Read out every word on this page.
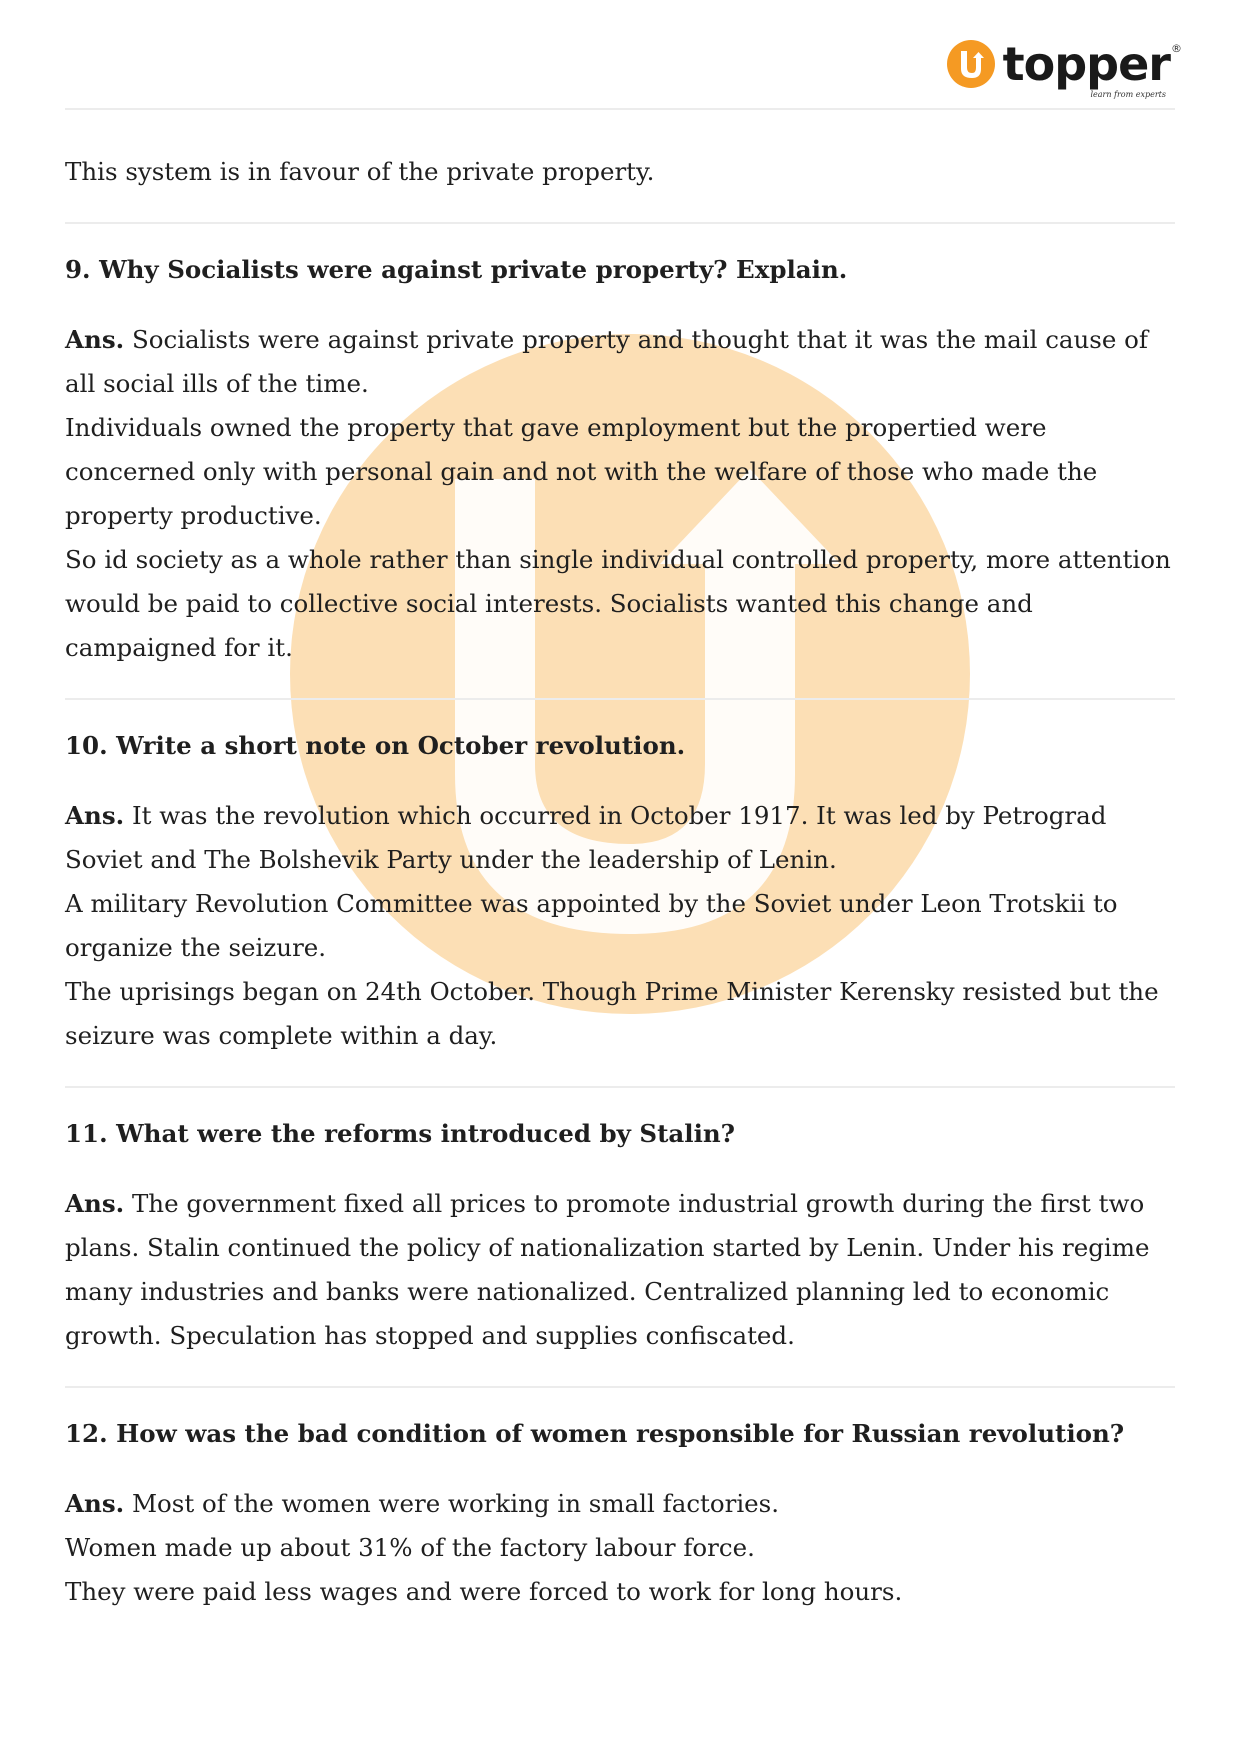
topper ®
learn from experts

This system is in favour of the private property.

9. Why Socialists were against private property? Explain.

Ans. Socialists were against private property and thought that it was the mail cause of all social ills of the time.

Individuals owned the property that gave employment but the propertied were concerned only with personal gain and not with the welfare of those who made the property productive.

So id society as a whole rather than single individual controlled property, more attention would be paid to collective social interests. Socialists wanted this change and campaigned for it.

10. Write a short note on October revolution.

Ans. It was the revolution which occurred in October 1917. It was led by Petrograd Soviet and The Bolshevik Party under the leadership of Lenin.

A military Revolution Committee was appointed by the Soviet under Leon Trotskii to organize the seizure.

The uprisings began on 24th October. Though Prime Minister Kerensky resisted but the seizure was complete within a day.

11. What were the reforms introduced by Stalin?

Ans. The government fixed all prices to promote industrial growth during the first two plans. Stalin continued the policy of nationalization started by Lenin. Under his regime many industries and banks were nationalized. Centralized planning led to economic growth. Speculation has stopped and supplies confiscated.

12. How was the bad condition of women responsible for Russian revolution?

Ans. Most of the women were working in small factories.

Women made up about 31% of the factory labour force.

They were paid less wages and were forced to work for long hours.
